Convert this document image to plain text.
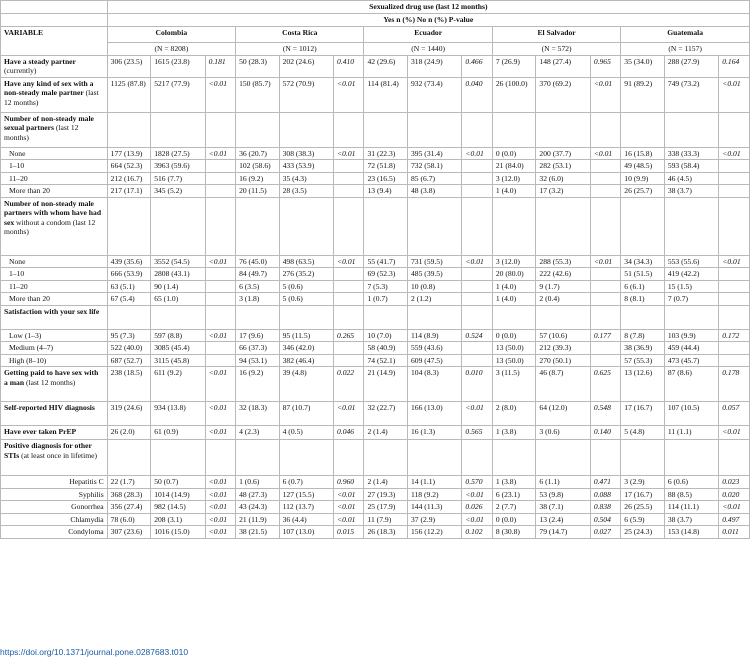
	Sexualized drug use (last 12 months)														
	Yes n (%) No n (%) P-value														
VARIABLE	Colombia			Costa Rica			Ecuador			El Salvador			Guatemala		
	(N = 8208)			(N = 1012)			(N = 1440)			(N = 572)			(N = 1157)		
Have a steady partner (currently)	306 (23.5)	1615 (23.8)	0.181	50 (28.3)	202 (24.6)	0.410	42 (29.6)	318 (24.9)	0.466	7 (26.9)	148 (27.4)	0.965	35 (34.0)	288 (27.9)	0.164
Have any kind of sex with a non-steady male partner (last 12 months)	1125 (87.8)	5217 (77.9)	<0.01	150 (85.7)	572 (70.9)	<0.01	114 (81.4)	932 (73.4)	0.040	26 (100.0)	370 (69.2)	<0.01	91 (89.2)	749 (73.2)	<0.01
Number of non-steady male sexual partners (last 12 months)															
None	177 (13.9)	1828 (27.5)	<0.01	36 (20.7)	308 (38.3)	<0.01	31 (22.3)	395 (31.4)	<0.01	0 (0.0)	200 (37.7)	<0.01	16 (15.8)	338 (33.3)	<0.01
1–10	664 (52.3)	3963 (59.6)		102 (58.6)	433 (53.9)		72 (51.8)	732 (58.1)		21 (84.0)	282 (53.1)		49 (48.5)	593 (58.4)	
11–20	212 (16.7)	516 (7.7)		16 (9.2)	35 (4.3)		23 (16.5)	85 (6.7)		3 (12.0)	32 (6.0)		10 (9.9)	46 (4.5)	
More than 20	217 (17.1)	345 (5.2)		20 (11.5)	28 (3.5)		13 (9.4)	48 (3.8)		1 (4.0)	17 (3.2)		26 (25.7)	38 (3.7)	
Number of non-steady male partners with whom have had sex without a condom (last 12 months)															
None	439 (35.6)	3552 (54.5)	<0.01	76 (45.0)	498 (63.5)	<0.01	55 (41.7)	731 (59.5)	<0.01	3 (12.0)	288 (55.3)	<0.01	34 (34.3)	553 (55.6)	<0.01
1–10	666 (53.9)	2808 (43.1)		84 (49.7)	276 (35.2)		69 (52.3)	485 (39.5)		20 (80.0)	222 (42.6)		51 (51.5)	419 (42.2)	
11–20	63 (5.1)	90 (1.4)		6 (3.5)	5 (0.6)		7 (5.3)	10 (0.8)		1 (4.0)	9 (1.7)		6 (6.1)	15 (1.5)	
More than 20	67 (5.4)	65 (1.0)		3 (1.8)	5 (0.6)		1 (0.7)	2 (1.2)		1 (4.0)	2 (0.4)		8 (8.1)	7 (0.7)	
Satisfaction with your sex life															
Low (1–3)	95 (7.3)	597 (8.8)	<0.01	17 (9.6)	95 (11.5)	0.265	10 (7.0)	114 (8.9)	0.524	0 (0.0)	57 (10.6)	0.177	8 (7.8)	103 (9.9)	0.172
Medium (4–7)	522 (40.0)	3085 (45.4)		66 (37.3)	346 (42.0)		58 (40.9)	559 (43.6)		13 (50.0)	212 (39.3)		38 (36.9)	459 (44.4)	
High (8–10)	687 (52.7)	3115 (45.8)		94 (53.1)	382 (46.4)		74 (52.1)	609 (47.5)		13 (50.0)	270 (50.1)		57 (55.3)	473 (45.7)	
Getting paid to have sex with a man (last 12 months)	238 (18.5)	611 (9.2)	<0.01	16 (9.2)	39 (4.8)	0.022	21 (14.9)	104 (8.3)	0.010	3 (11.5)	46 (8.7)	0.625	13 (12.6)	87 (8.6)	0.178
Self-reported HIV diagnosis	319 (24.6)	934 (13.8)	<0.01	32 (18.3)	87 (10.7)	<0.01	32 (22.7)	166 (13.0)	<0.01	2 (8.0)	64 (12.0)	0.548	17 (16.7)	107 (10.5)	0.057
Have ever taken PrEP	26 (2.0)	61 (0.9)	<0.01	4 (2.3)	4 (0.5)	0.046	2 (1.4)	16 (1.3)	0.565	1 (3.8)	3 (0.6)	0.140	5 (4.8)	11 (1.1)	<0.01
Positive diagnosis for other STIs (at least once in lifetime)															
Hepatitis C	22 (1.7)	50 (0.7)	<0.01	1 (0.6)	6 (0.7)	0.960	2 (1.4)	14 (1.1)	0.570	1 (3.8)	6 (1.1)	0.471	3 (2.9)	6 (0.6)	0.023
Syphilis	368 (28.3)	1014 (14.9)	<0.01	48 (27.3)	127 (15.5)	<0.01	27 (19.3)	118 (9.2)	<0.01	6 (23.1)	53 (9.8)	0.088	17 (16.7)	88 (8.5)	0.020
Gonorrhea	356 (27.4)	982 (14.5)	<0.01	43 (24.3)	112 (13.7)	<0.01	25 (17.9)	144 (11.3)	0.026	2 (7.7)	38 (7.1)	0.838	26 (25.5)	114 (11.1)	<0.01
Chlamydia	78 (6.0)	208 (3.1)	<0.01	21 (11.9)	36 (4.4)	<0.01	11 (7.9)	37 (2.9)	<0.01	0 (0.0)	13 (2.4)	0.504	6 (5.9)	38 (3.7)	0.497
Condyloma	307 (23.6)	1016 (15.0)	<0.01	38 (21.5)	107 (13.0)	0.015	26 (18.3)	156 (12.2)	0.102	8 (30.8)	79 (14.7)	0.027	25 (24.3)	153 (14.8)	0.011
https://doi.org/10.1371/journal.pone.0287683.t010
